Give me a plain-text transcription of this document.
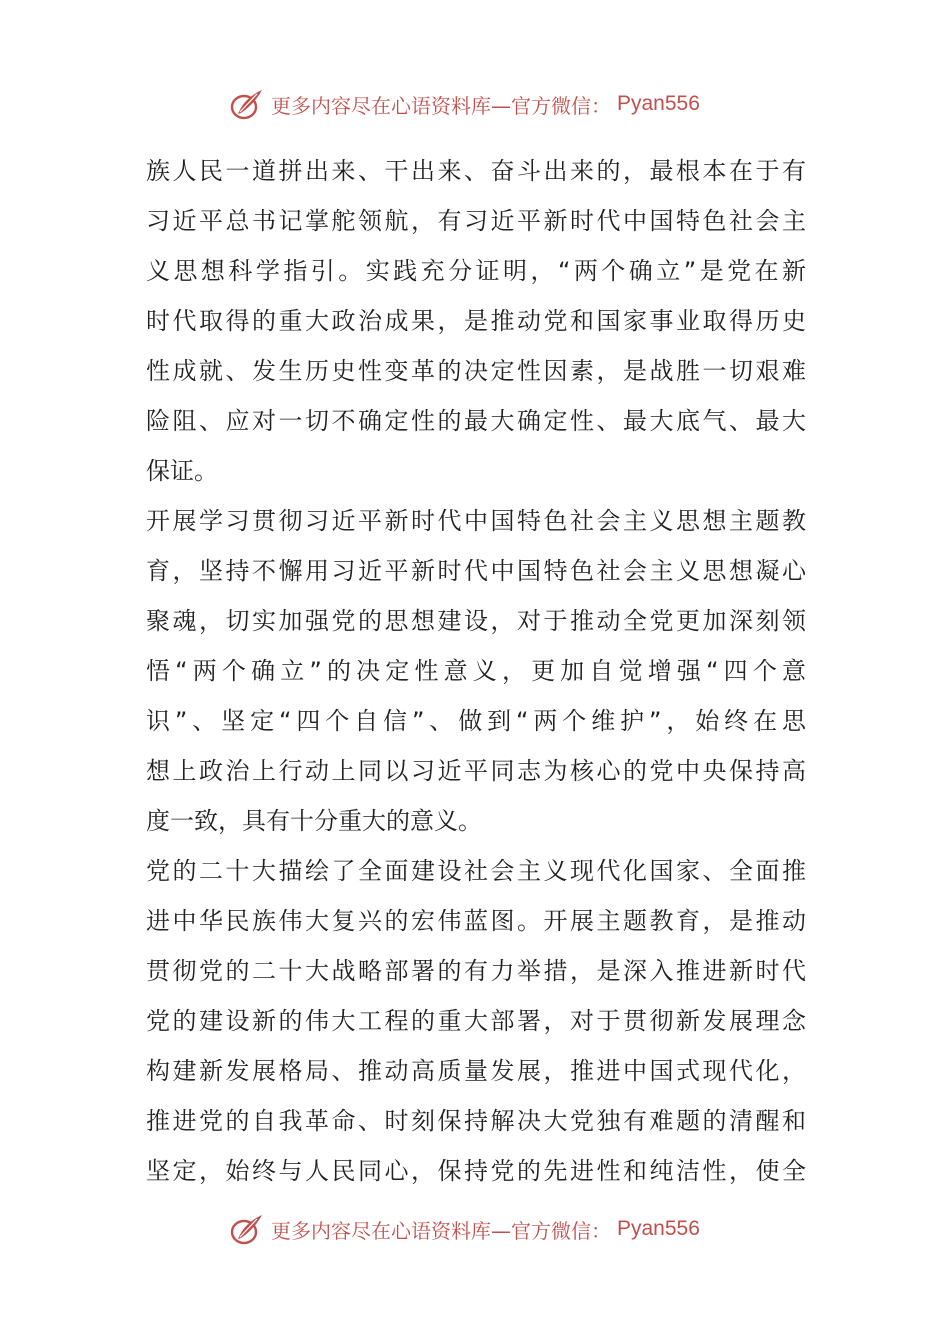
更多内容尽在心语资料库—官方微信： Pyan556
族人民一道拼出来、干出来、奋斗出来的，最根本在于有
习近平总书记掌舵领航，有习近平新时代中国特色社会主
义思想科学指引。实践充分证明，“两个确立”是党在新
时代取得的重大政治成果，是推动党和国家事业取得历史
性成就、发生历史性变革的决定性因素，是战胜一切艰难
险阻、应对一切不确定性的最大确定性、最大底气、最大
保证。
开展学习贯彻习近平新时代中国特色社会主义思想主题教
育，坚持不懈用习近平新时代中国特色社会主义思想凝心
聚魂，切实加强党的思想建设，对于推动全党更加深刻领
悟“两个确立”的决定性意义，更加自觉增强“四个意
识”、坚定“四个自信”、做到“两个维护”，始终在思
想上政治上行动上同以习近平同志为核心的党中央保持高
度一致，具有十分重大的意义。
党的二十大描绘了全面建设社会主义现代化国家、全面推
进中华民族伟大复兴的宏伟蓝图。开展主题教育，是推动
贯彻党的二十大战略部署的有力举措，是深入推进新时代
党的建设新的伟大工程的重大部署，对于贯彻新发展理念
构建新发展格局、推动高质量发展，推进中国式现代化，
推进党的自我革命、时刻保持解决大党独有难题的清醒和
坚定，始终与人民同心，保持党的先进性和纯洁性，使全
更多内容尽在心语资料库—官方微信： Pyan556
